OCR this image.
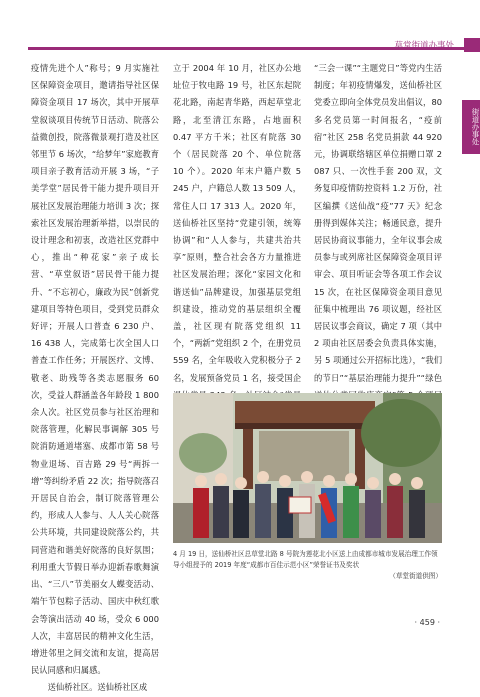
草堂街道办事处
街道办事处

疫情先进个人”称号；9 月实施社区保障资金项目，邀请指导社区保障资金项目 17 场次，其中开展草堂叙谈项目传统节日活动、院落公益微创投，院落微景观打造及社区邻里节 6 场次，“给梦年”家庭教育项目亲子教育活动开展 3 场，“子美学堂”居民骨干能力提升项目开展社区发展治理能力培训 3 次；探索社区发展治理新举措，以崇民的设计理念和初衷，改造社区党群中心，推出“种花家”亲子成长营、“草堂叙语”居民骨干能力提升、“不忘初心，廉政为民”创新党建项目等特色项目，受到党员群众好评；开展人口普查 6 230 户、16 438 人，完成第七次全国人口普查工作任务；开展医疗、文博、敬老、助残等各类志愿服务 60 次，受益人群涵盖各年龄段 1 800 余人次。社区党员参与社区治理和院落管理，化解民事调解 305 号院消防通道堵塞、成都市第 58 号物业退场、百吉路 29 号“两拆一增”等纠纷矛盾 22 次；指导院落召开居民自治会，制订院落管理公约，形成人人参与、人人关心院落公共环境，共同建设院落公约，共同营造和谐美好院落的良好氛围；利用重大节假日举办迎新春歌舞演出、“三八”节美丽女人蝶变活动、端午节包粽子活动、国庆中秋红歌会等演出活动 40 场，受众 6 000 人次，丰富居民的精神文化生活，增进邻里之间交流和友谊，提高居民认同感和归属感。

送仙桥社区。送仙桥社区成

立于 2004 年 10 月，社区办公地址位于牧电路 19 号，社区东起院花北路，南起青华路，西起草堂北路，北至清江东路，占地面积 0.47 平方千米；社区有院落 30 个（居民院落 20 个、单位院落 10 个）。2020 年末户籍户数 5 245 户，户籍总人数 13 509 人，常住人口 17 313 人。2020 年，送仙桥社区坚持“党建引领，统筹协调”和“人人参与，共建共治共享”原则，整合社会各方力量推进社区发展治理；深化“家园文化和谐送仙”品牌建设，加强基层党组织建设，推动党的基层组织全覆盖，社区现有院落党组织 11 个，“两新”党组织 2 个，在册党员 559 名，全年吸收入党积极分子 2 名，发展预备党员 1 名，接受国企

“三会一课”“主题党日”等党内生活制度；年初疫情爆发，送仙桥社区党委立即向全体党员发出倡议，80 多名党员第一时间报名，“疫前宿”社区 258 名党员捐款 44 920 元，协调联络辖区单位捐赠口罩 2 087 只、一次性手套 200 双，文务复印疫情防控资料 1.2 万份，社区编撰《送仙战“疫”77 天》纪念册得到媒体关注；畅通民意，提升居民协商议事能力，全年议事会成员参与或列席社区保障资金项目评审会、项目听证会等各项工作会议 15 次，在社区保障资金项目意见征集中梳理出 76 项议题，经社区居民议事会商议，确定 7 项（其中 2 项由社区居委会负责具体实施，另 5 项通过公开招标比选），“我们的节日”“基层治理能力提升”“绿色

4 月 19 日，送仙桥社区总草堂北路 8 号院为莲花北小区送上由成都市城市发展治理工作领导小组授予的 2019 年度“成都市百佳示范小区”荣誉证书及奖状
（草堂街道供图）
· 459 ·
